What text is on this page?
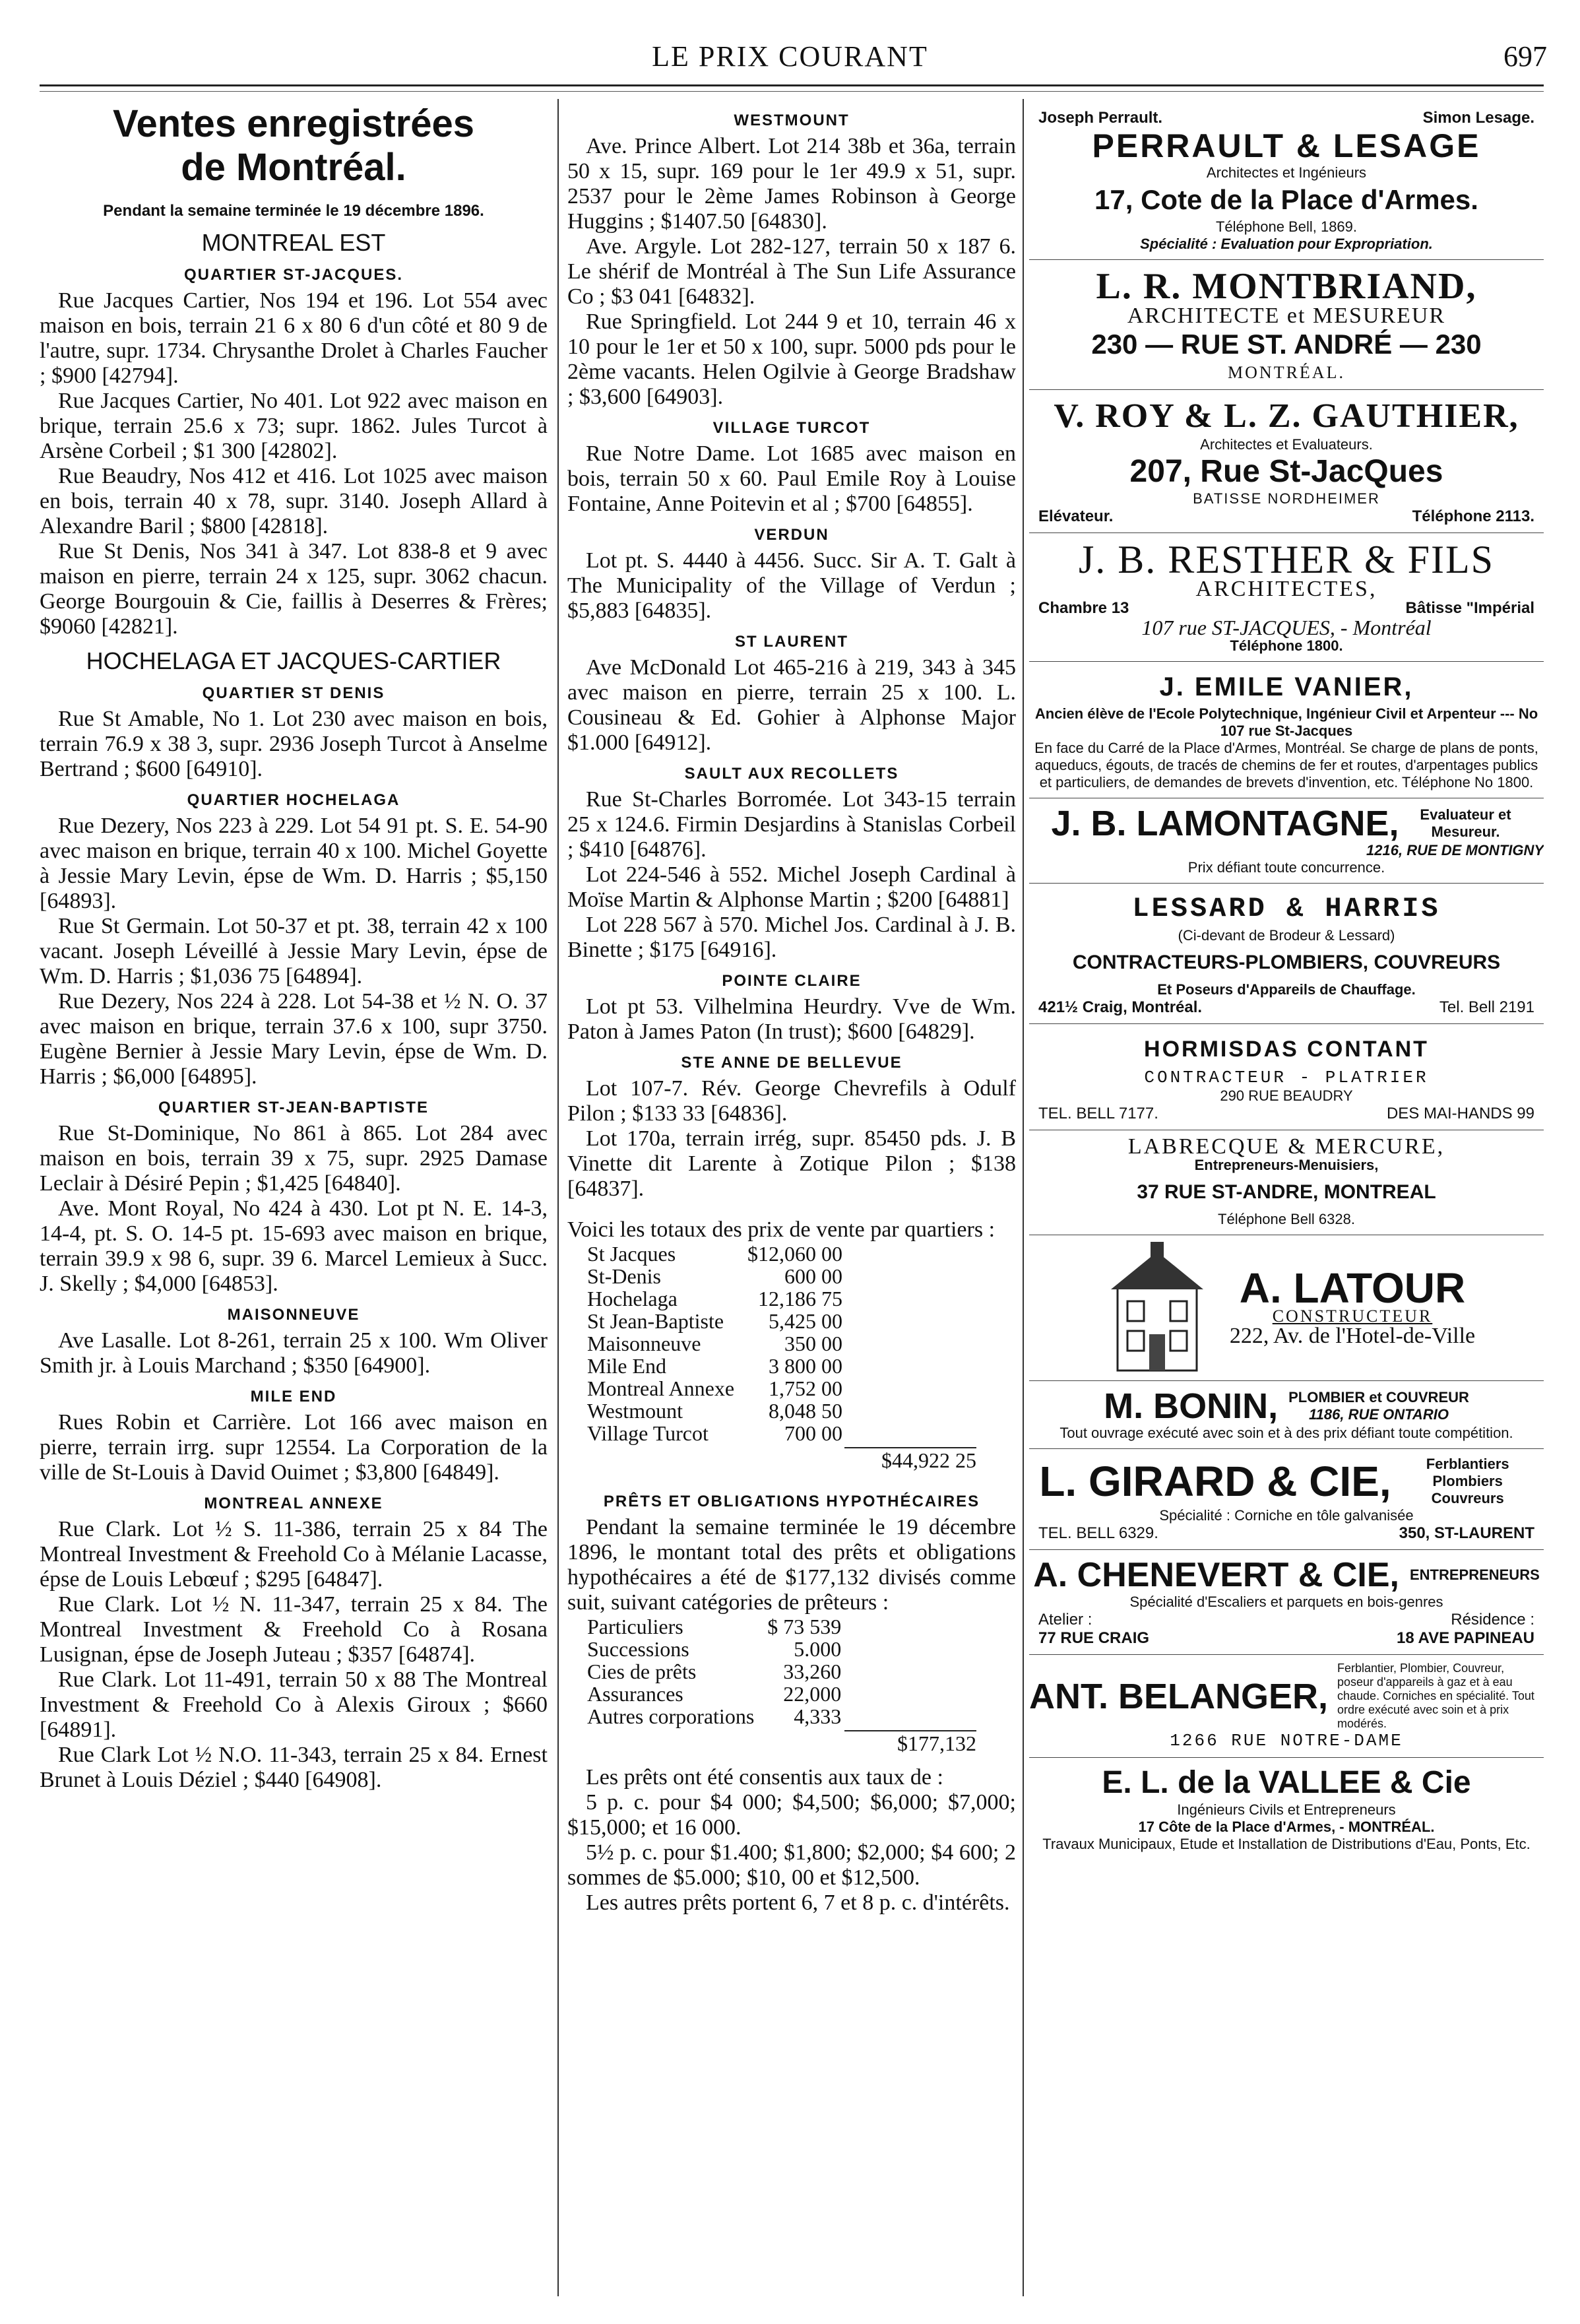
LE PRIX COURANT	697
Ventes enregistrées
de Montréal.
Pendant la semaine terminée le 19 décembre 1896.
MONTREAL EST
QUARTIER ST-JACQUES.

Rue Jacques Cartier, Nos 194 et 196. Lot 554 avec maison en bois, terrain 21 6 x 80 6 d'un côté et 80 9 de l'autre, supr. 1734. Chrysanthe Drolet à Charles Faucher ; $900 [42794].

Rue Jacques Cartier, No 401. Lot 922 avec maison en brique, terrain 25.6 x 73; supr. 1862. Jules Turcot à Arsène Corbeil ; $1 300 [42802].

Rue Beaudry, Nos 412 et 416. Lot 1025 avec maison en bois, terrain 40 x 78, supr. 3140. Joseph Allard à Alexandre Baril ; $800 [42818].

Rue St Denis, Nos 341 à 347. Lot 838-8 et 9 avec maison en pierre, terrain 24 x 125, supr. 3062 chacun. George Bourgouin & Cie, faillis à Deserres & Frères; $9060 [42821].

HOCHELAGA ET JACQUES-CARTIER
QUARTIER ST DENIS

Rue St Amable, No 1. Lot 230 avec maison en bois, terrain 76.9 x 38 3, supr. 2936 Joseph Turcot à Anselme Bertrand ; $600 [64910].

QUARTIER HOCHELAGA

Rue Dezery, Nos 223 à 229. Lot 54 91 pt. S. E. 54-90 avec maison en brique, terrain 40 x 100. Michel Goyette à Jessie Mary Levin, épse de Wm. D. Harris ; $5,150 [64893].

Rue St Germain. Lot 50-37 et pt. 38, terrain 42 x 100 vacant. Joseph Léveillé à Jessie Mary Levin, épse de Wm. D. Harris ; $1,036 75 [64894].

Rue Dezery, Nos 224 à 228. Lot 54-38 et ½ N. O. 37 avec maison en brique, terrain 37.6 x 100, supr 3750. Eugène Bernier à Jessie Mary Levin, épse de Wm. D. Harris ; $6,000 [64895].

QUARTIER ST-JEAN-BAPTISTE

Rue St-Dominique, No 861 à 865. Lot 284 avec maison en bois, terrain 39 x 75, supr. 2925 Damase Leclair à Désiré Pepin ; $1,425 [64840].

Ave. Mont Royal, No 424 à 430. Lot pt N. E. 14-3, 14-4, pt. S. O. 14-5 pt. 15-693 avec maison en brique, terrain 39.9 x 98 6, supr. 39 6. Marcel Lemieux à Succ. J. Skelly ; $4,000 [64853].

MAISONNEUVE

Ave Lasalle. Lot 8-261, terrain 25 x 100. Wm Oliver Smith jr. à Louis Marchand ; $350 [64900].

MILE END

Rues Robin et Carrière. Lot 166 avec maison en pierre, terrain irrg. supr 12554. La Corporation de la ville de St-Louis à David Ouimet ; $3,800 [64849].

MONTREAL ANNEXE

Rue Clark. Lot ½ S. 11-386, terrain 25 x 84 The Montreal Investment & Freehold Co à Mélanie Lacasse, épse de Louis Lebœuf ; $295 [64847].

Rue Clark. Lot ½ N. 11-347, terrain 25 x 84. The Montreal Investment & Freehold Co à Rosana Lusignan, épse de Joseph Juteau ; $357 [64874].

Rue Clark. Lot 11-491, terrain 50 x 88 The Montreal Investment & Freehold Co à Alexis Giroux ; $660 [64891].

Rue Clark Lot ½ N.O. 11-343, terrain 25 x 84. Ernest Brunet à Louis Déziel ; $440 [64908].

WESTMOUNT

Ave. Prince Albert. Lot 214 38b et 36a, terrain 50 x 15, supr. 169 pour le 1er 49.9 x 51, supr. 2537 pour le 2ème James Robinson à George Huggins ; $1407.50 [64830].

Ave. Argyle. Lot 282-127, terrain 50 x 187 6. Le shérif de Montréal à The Sun Life Assurance Co ; $3 041 [64832].

Rue Springfield. Lot 244 9 et 10, terrain 46 x 10 pour le 1er et 50 x 100, supr. 5000 pds pour le 2ème vacants. Helen Ogilvie à George Bradshaw ; $3,600 [64903].

VILLAGE TURCOT

Rue Notre Dame. Lot 1685 avec maison en bois, terrain 50 x 60. Paul Emile Roy à Louise Fontaine, Anne Poitevin et al ; $700 [64855].

VERDUN

Lot pt. S. 4440 à 4456. Succ. Sir A. T. Galt à The Municipality of the Village of Verdun ; $5,883 [64835].

ST LAURENT

Ave McDonald Lot 465-216 à 219, 343 à 345 avec maison en pierre, terrain 25 x 100. L. Cousineau & Ed. Gohier à Alphonse Major $1.000 [64912].

SAULT AUX RECOLLETS

Rue St-Charles Borromée. Lot 343-15 terrain 25 x 124.6. Firmin Desjardins à Stanislas Corbeil ; $410 [64876].

Lot 224-546 à 552. Michel Joseph Cardinal à Moïse Martin & Alphonse Martin ; $200 [64881]

Lot 228 567 à 570. Michel Jos. Cardinal à J. B. Binette ; $175 [64916].

POINTE CLAIRE

Lot pt 53. Vilhelmina Heurdry. Vve de Wm. Paton à James Paton (In trust); $600 [64829].

STE ANNE DE BELLEVUE

Lot 107-7. Rév. George Chevrefils à Odulf Pilon ; $133 33 [64836].

Lot 170a, terrain irrég, supr. 85450 pds. J. B Vinette dit Larente à Zotique Pilon ; $138 [64837].

Voici les totaux des prix de vente par quartiers :
St Jacques	$12,060 00
St-Denis	600 00
Hochelaga	12,186 75
St Jean-Baptiste	5,425 00
Maisonneuve	350 00
Mile End	3 800 00
Montreal Annexe	1,752 00
Westmount	8,048 50
Village Turcot	700 00
$44,922 25
PRÊTS ET OBLIGATIONS HYPOTHÉCAIRES

Pendant la semaine terminée le 19 décembre 1896, le montant total des prêts et obligations hypothécaires a été de $177,132 divisés comme suit, suivant catégories de prêteurs :

Particuliers	$ 73 539
Successions	5.000
Cies de prêts	33,260
Assurances	22,000
Autres corporations	4,333
$177,132

Les prêts ont été consentis aux taux de :

5 p. c. pour $4 000; $4,500; $6,000; $7,000; $15,000; et 16 000.

5½ p. c. pour $1.400; $1,800; $2,000; $4 600; 2 sommes de $5.000; $10, 00 et $12,500.

Les autres prêts portent 6, 7 et 8 p. c. d'intérêts.

Joseph Perrault.	Simon Lesage.
PERRAULT & LESAGE
Architectes et Ingénieurs
17, Cote de la Place d'Armes.
Téléphone Bell, 1869.
Spécialité : Evaluation pour Expropriation.
L. R. MONTBRIAND,
ARCHITECTE et MESUREUR
230 — RUE ST. ANDRÉ — 230
MONTRÉAL.
V. ROY & L. Z. GAUTHIER,
Architectes et Evaluateurs.
207, Rue St-JacQues
BATISSE NORDHEIMER
Elévateur.	Téléphone 2113.
J. B. RESTHER & FILS
ARCHITECTES,
Chambre 13	Bâtisse "Impérial
107 rue ST-JACQUES, - Montréal
Téléphone 1800.
J. EMILE VANIER,
Ancien élève de l'Ecole Polytechnique, Ingénieur Civil et Arpenteur --- No 107 rue St-Jacques
En face du Carré de la Place d'Armes, Montréal. Se charge de plans de ponts, aqueducs, égouts, de tracés de chemins de fer et routes, d'arpentages publics et particuliers, de demandes de brevets d'invention, etc. Téléphone No 1800.
J. B. LAMONTAGNE,	Evaluateur et Mesureur.
1216, RUE DE MONTIGNY
Prix défiant toute concurrence.
LESSARD & HARRIS
(Ci-devant de Brodeur & Lessard)
CONTRACTEURS-PLOMBIERS, COUVREURS
Et Poseurs d'Appareils de Chauffage.
421½ Craig, Montréal.	Tel. Bell 2191
HORMISDAS CONTANT
CONTRACTEUR - PLATRIER
290 RUE BEAUDRY
TEL. BELL 7177.	DES MAI-HANDS 99
LABRECQUE & MERCURE,
Entrepreneurs-Menuisiers,
37 RUE ST-ANDRE, MONTREAL
Téléphone Bell 6328.
A. LATOUR
CONSTRUCTEUR
222, Av. de l'Hotel-de-Ville
M. BONIN, PLOMBIER et COUVREUR
1186, RUE ONTARIO
Tout ouvrage exécuté avec soin et à des prix défiant toute compétition.
L. GIRARD & CIE,	Ferblantiers Plombiers Couvreurs
Spécialité : Corniche en tôle galvanisée
TEL. BELL 6329.	350, ST-LAURENT
A. CHENEVERT & CIE, ENTREPRENEURS
Spécialité d'Escaliers et parquets en bois-genres
Atelier :	Résidence :
77 RUE CRAIG	18 AVE PAPINEAU
ANT. BELANGER,
Ferblantier, Plombier, Couvreur, poseur d'appareils à gaz et à eau chaude. Corniches en spécialité. Tout ordre exécuté avec soin et à prix modérés.
1266 RUE NOTRE-DAME
E. L. de la VALLEE & Cie
Ingénieurs Civils et Entrepreneurs
17 Côte de la Place d'Armes, - MONTRÉAL.
Travaux Municipaux, Etude et Installation de Distributions d'Eau, Ponts, Etc.
